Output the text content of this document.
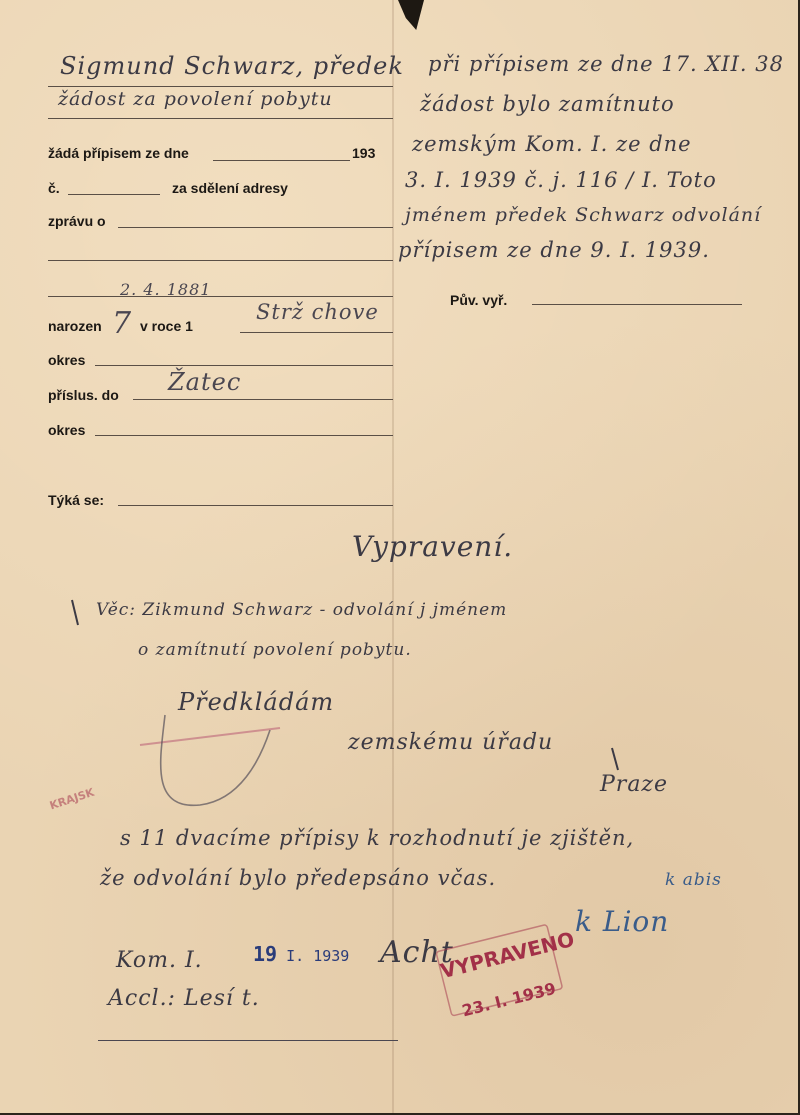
Sigmund Schwarz, předek
žádost za povolení pobytu
žádá přípisem ze dne	193
č.	za sdělení adresy
zprávu o
2. 4. 1881
Strž chove
narozen 7 v roce 1
okres
příslus. do Žatec
okres
Týká se:
Pův. vyř.
při přípisem ze dne 17. XII. 38
žádost bylo zamítnuto
zemským Kom. I. ze dne
3. I. 1939 č. j. 116 / I. Toto
jménem předek Schwarz odvolání
přípisem ze dne 9. I. 1939.
Vypravení.
Věc: Zikmund Schwarz - odvolání j jménem
o zamítnutí povolení pobytu.
Předkládám
zemskému úřadu
Praze
s 11 dvacíme přípisy k rozhodnutí je zjištěn,
že odvolání bylo předepsáno včas.
Kom. I.
Accl.: Lesí t.
Acht
k Lion
k abis
19 I. 1939	VYPRAVENO
23. I. 1939
KRAJSK
